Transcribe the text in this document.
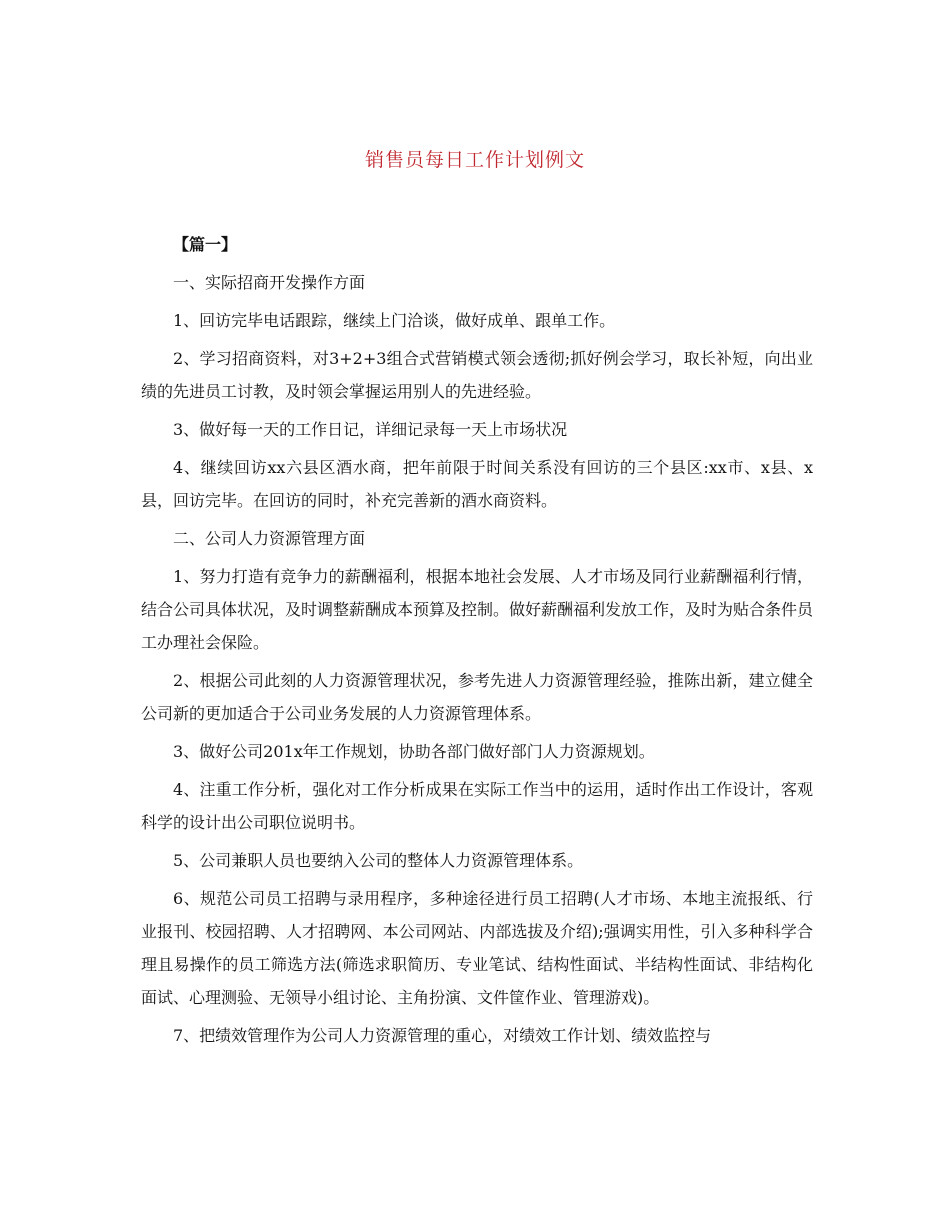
销售员每日工作计划例文

【篇一】

一、实际招商开发操作方面

1、回访完毕电话跟踪，继续上门洽谈，做好成单、跟单工作。

2、学习招商资料，对3+2+3组合式营销模式领会透彻;抓好例会学习，取长补短，向出业绩的先进员工讨教，及时领会掌握运用别人的先进经验。

3、做好每一天的工作日记，详细记录每一天上市场状况

4、继续回访xx六县区酒水商，把年前限于时间关系没有回访的三个县区:xx市、x县、x县，回访完毕。在回访的同时，补充完善新的酒水商资料。

二、公司人力资源管理方面

1、努力打造有竞争力的薪酬福利，根据本地社会发展、人才市场及同行业薪酬福利行情，结合公司具体状况，及时调整薪酬成本预算及控制。做好薪酬福利发放工作，及时为贴合条件员工办理社会保险。

2、根据公司此刻的人力资源管理状况，参考先进人力资源管理经验，推陈出新，建立健全公司新的更加适合于公司业务发展的人力资源管理体系。

3、做好公司201x年工作规划，协助各部门做好部门人力资源规划。

4、注重工作分析，强化对工作分析成果在实际工作当中的运用，适时作出工作设计，客观科学的设计出公司职位说明书。

5、公司兼职人员也要纳入公司的整体人力资源管理体系。

6、规范公司员工招聘与录用程序，多种途径进行员工招聘(人才市场、本地主流报纸、行业报刊、校园招聘、人才招聘网、本公司网站、内部选拔及介绍);强调实用性，引入多种科学合理且易操作的员工筛选方法(筛选求职简历、专业笔试、结构性面试、半结构性面试、非结构化面试、心理测验、无领导小组讨论、主角扮演、文件筐作业、管理游戏)。

7、把绩效管理作为公司人力资源管理的重心，对绩效工作计划、绩效监控与
